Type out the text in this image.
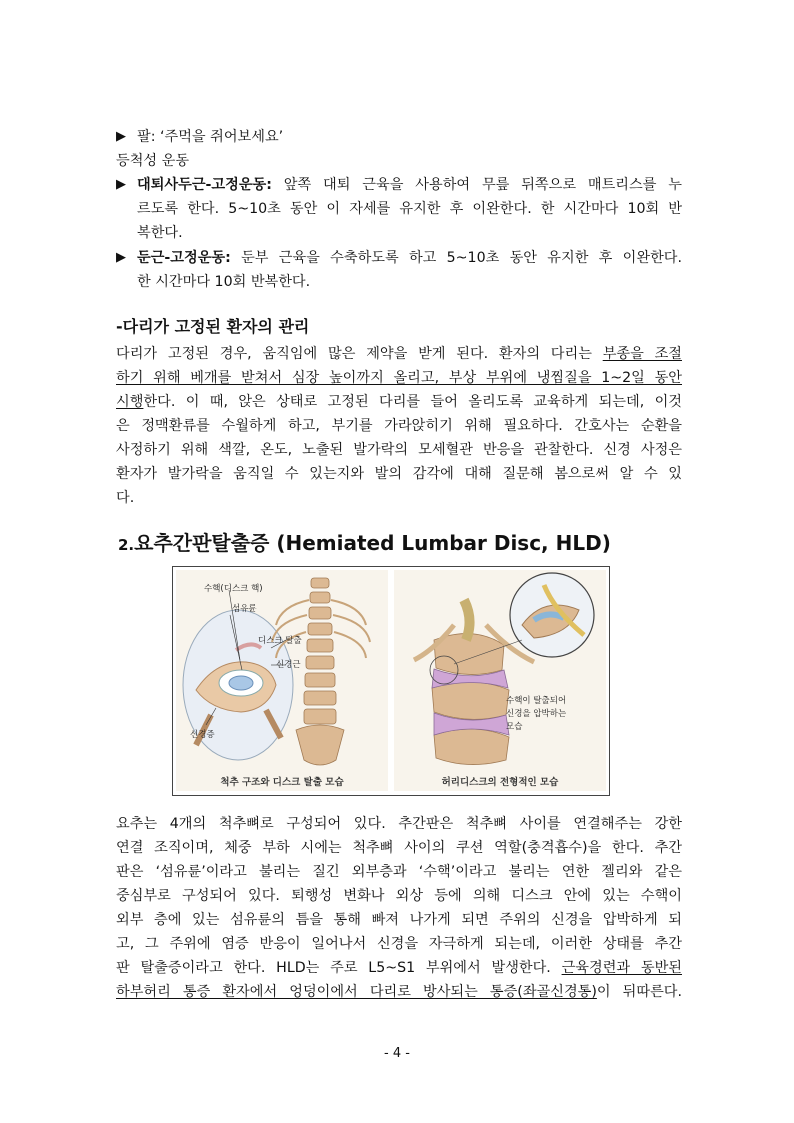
▶ 팔: ‘주먹을 쥐어보세요’
등척성 운동
▶ 대퇴사두근-고정운동: 앞쪽 대퇴 근육을 사용하여 무릎 뒤쪽으로 매트리스를 누
르도록 한다. 5~10초 동안 이 자세를 유지한 후 이완한다. 한 시간마다 10회 반
복한다.
▶ 둔근-고정운동: 둔부 근육을 수축하도록 하고 5~10초 동안 유지한 후 이완한다.
한 시간마다 10회 반복한다.
-다리가 고정된 환자의 관리
다리가 고정된 경우, 움직임에 많은 제약을 받게 된다. 환자의 다리는 부종을 조절
하기 위해 베개를 받쳐서 심장 높이까지 올리고, 부상 부위에 냉찜질을 1~2일 동안
시행한다. 이 때, 앉은 상태로 고정된 다리를 들어 올리도록 교육하게 되는데, 이것
은 정맥환류를 수월하게 하고, 부기를 가라앉히기 위해 필요하다. 간호사는 순환을
사정하기 위해 색깔, 온도, 노출된 발가락의 모세혈관 반응을 관찰한다. 신경 사정은
환자가 발가락을 움직일 수 있는지와 발의 감각에 대해 질문해 봄으로써 알 수 있
다.
2.요추간판탈출증 (Hemiated Lumbar Disc, HLD)
수핵(디스크 핵)
섬유륜
디스크 탈출
신경근
신경증
척추 구조와 디스크 탈출 모습
수핵이 탈출되어
신경을 압박하는
모습
허리디스크의 전형적인 모습
요추는 4개의 척추뼈로 구성되어 있다. 추간판은 척추뼈 사이를 연결해주는 강한
연결 조직이며, 체중 부하 시에는 척추뼈 사이의 쿠션 역할(충격흡수)을 한다. 추간
판은 ‘섬유륜’이라고 불리는 질긴 외부층과 ‘수핵’이라고 불리는 연한 젤리와 같은
중심부로 구성되어 있다. 퇴행성 변화나 외상 등에 의해 디스크 안에 있는 수핵이
외부 층에 있는 섬유륜의 틈을 통해 빠져 나가게 되면 주위의 신경을 압박하게 되
고, 그 주위에 염증 반응이 일어나서 신경을 자극하게 되는데, 이러한 상태를 추간
판 탈출증이라고 한다. HLD는 주로 L5~S1 부위에서 발생한다. 근육경련과 동반된
하부허리 통증 환자에서 엉덩이에서 다리로 방사되는 통증(좌골신경통)이 뒤따른다.
- 4 -
